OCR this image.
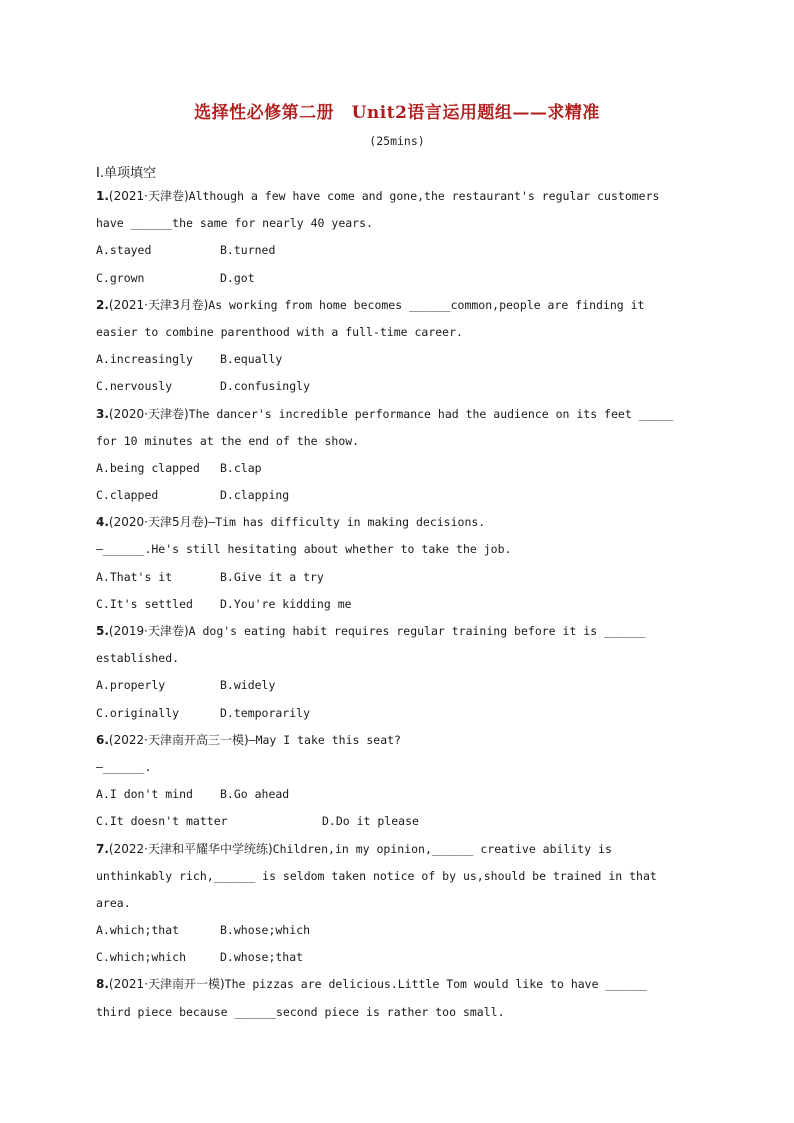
选择性必修第二册　Unit2语言运用题组——求精准
(25mins)
Ⅰ.单项填空
1.(2021·天津卷)Although a few have come and gone,the restaurant's regular customers
have ______the same for nearly 40 years.
A.stayed	B.turned
C.grown	D.got
2.(2021·天津3月卷)As working from home becomes ______common,people are finding it
easier to combine parenthood with a full-time career.
A.increasingly B.equally
C.nervously	D.confusingly
3.(2020·天津卷)The dancer's incredible performance had the audience on its feet _____
for 10 minutes at the end of the show.
A.being clapped B.clap
C.clapped	D.clapping
4.(2020·天津5月卷)—Tim has difficulty in making decisions.
—______.He's still hesitating about whether to take the job.
A.That's it	B.Give it a try
C.It's settled D.You're kidding me
5.(2019·天津卷)A dog's eating habit requires regular training before it is ______
established.
A.properly	B.widely
C.originally	D.temporarily
6.(2022·天津南开高三一模)—May I take this seat?
—______.
A.I don't mind B.Go ahead
C.It doesn't matter	D.Do it please
7.(2022·天津和平耀华中学统练)Children,in my opinion,______ creative ability is
unthinkably rich,______ is seldom taken notice of by us,should be trained in that
area.
A.which;that	B.whose;which
C.which;which	D.whose;that
8.(2021·天津南开一模)The pizzas are delicious.Little Tom would like to have ______
third piece because ______second piece is rather too small.
